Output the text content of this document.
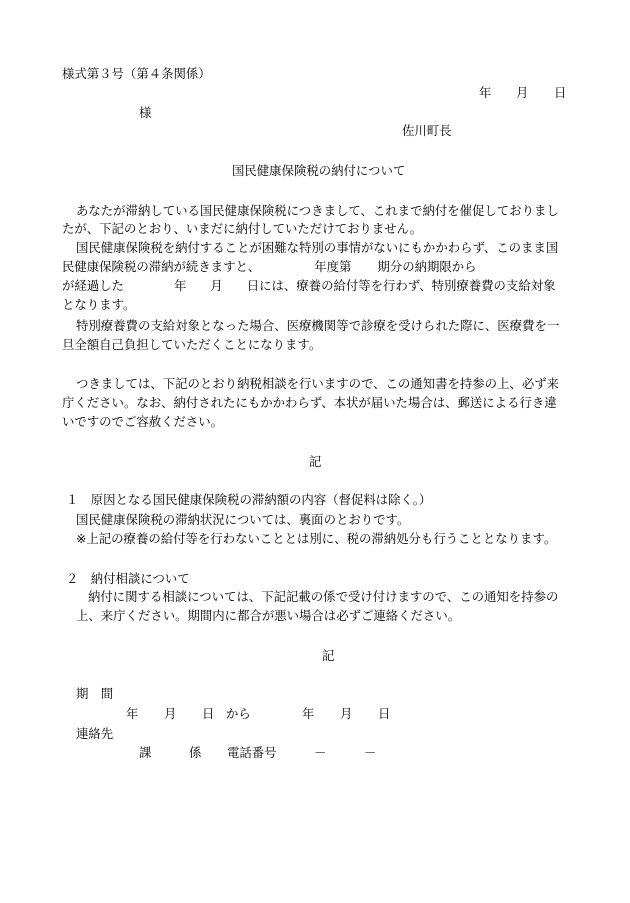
様式第３号（第４条関係）
年 月 日
様
佐川町長
国民健康保険税の納付について
あなたが滞納している国民健康保険税につきまして、これまで納付を催促しておりまし
たが、下記のとおり、いまだに納付していただけておりません。
国民健康保険税を納付することが困難な特別の事情がないにもかかわらず、このまま国
民健康保険税の滞納が続きますと、	年度第 期分の納期限から
が経過した	年 月 日には、療養の給付等を行わず、特別療養費の支給対象
となります。
特別療養費の支給対象となった場合、医療機関等で診療を受けられた際に、医療費を一
旦全額自己負担していただくことになります。
つきましては、下記のとおり納税相談を行いますので、この通知書を持参の上、必ず来
庁ください。なお、納付されたにもかかわらず、本状が届いた場合は、郵送による行き違
いですのでご容赦ください。
記
１　原因となる国民健康保険税の滞納額の内容（督促料は除く。）
国民健康保険税の滞納状況については、裏面のとおりです。
※上記の療養の給付等を行わないこととは別に、税の滞納処分も行うこととなります。
２　納付相談について
納付に関する相談については、下記記載の係で受け付けますので、この通知を持参の
上、来庁ください。期間内に都合が悪い場合は必ずご連絡ください。
記
期　間
年 月 日 から	年 月 日
連絡先
課	係 電話番号	－	－
